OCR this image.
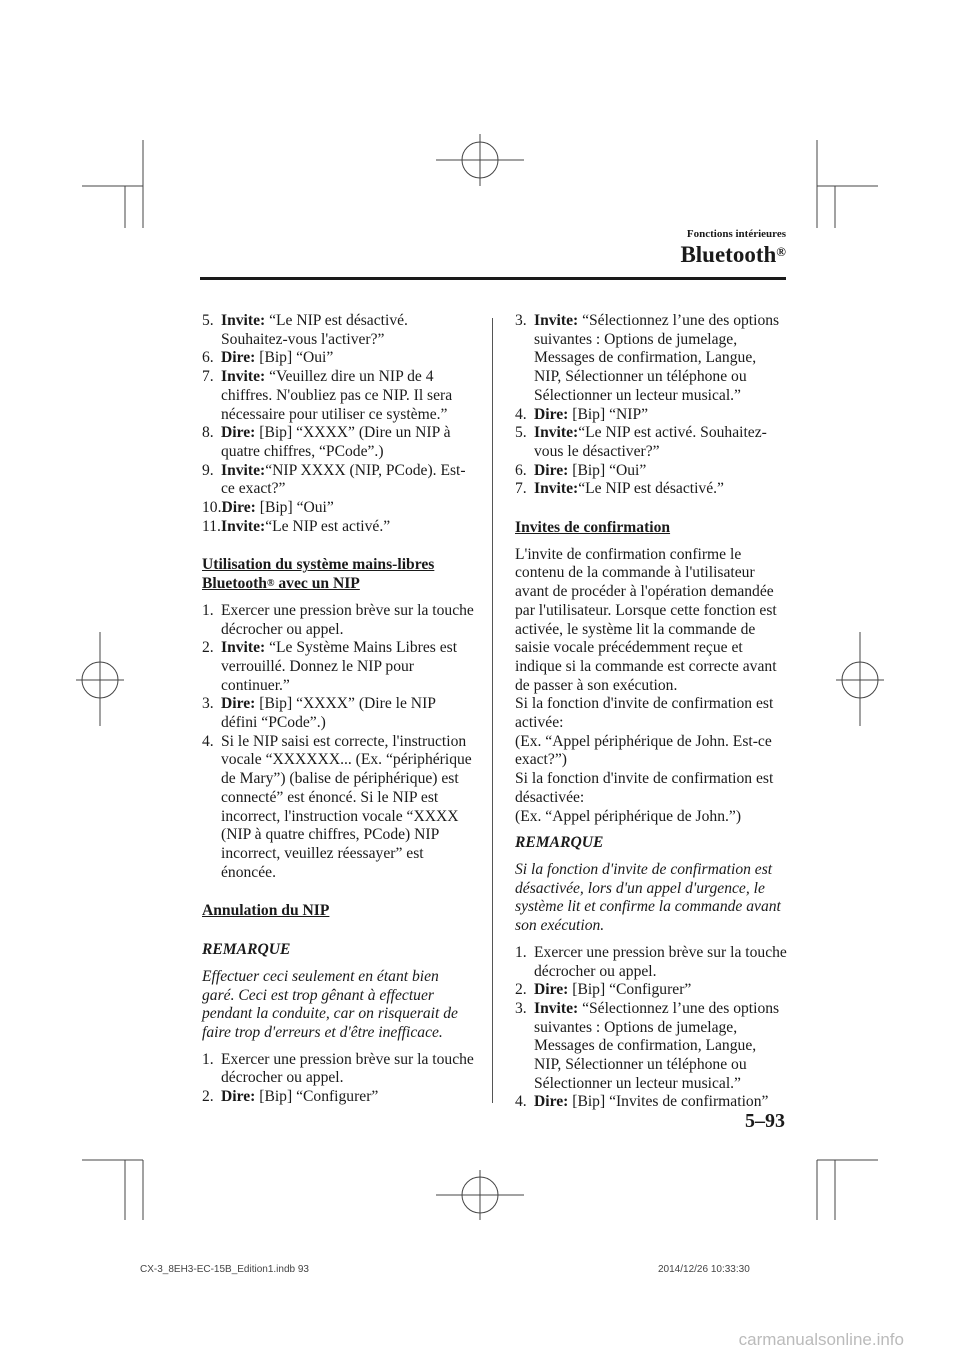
Fonctions intérieures
Bluetooth®
5. Invite: “Le NIP est désactivé. Souhaitez-vous l'activer?”
6. Dire: [Bip] “Oui”
7. Invite: “Veuillez dire un NIP de 4 chiffres. N'oubliez pas ce NIP. Il sera nécessaire pour utiliser ce système.”
8. Dire: [Bip] “XXXX” (Dire un NIP à quatre chiffres, “PCode”.)
9. Invite:“NIP XXXX (NIP, PCode). Est-ce exact?”
10. Dire: [Bip] “Oui”
11. Invite:“Le NIP est activé.”
Utilisation du système mains-libres
Bluetooth® avec un NIP
1. Exercer une pression brève sur la touche décrocher ou appel.
2. Invite: “Le Système Mains Libres est verrouillé. Donnez le NIP pour continuer.”
3. Dire: [Bip] “XXXX” (Dire le NIP défini “PCode”.)
4. Si le NIP saisi est correcte, l'instruction vocale “XXXXXX... (Ex. “périphérique de Mary”) (balise de périphérique) est connecté” est énoncé. Si le NIP est incorrect, l'instruction vocale “XXXX (NIP à quatre chiffres, PCode) NIP incorrect, veuillez réessayer” est énoncée.
Annulation du NIP
REMARQUE
Effectuer ceci seulement en étant bien garé. Ceci est trop gênant à effectuer pendant la conduite, car on risquerait de faire trop d'erreurs et d'être inefficace.
1. Exercer une pression brève sur la touche décrocher ou appel.
2. Dire: [Bip] “Configurer”
3. Invite: “Sélectionnez l’une des options suivantes : Options de jumelage, Messages de confirmation, Langue, NIP, Sélectionner un téléphone ou Sélectionner un lecteur musical.”
4. Dire: [Bip] “NIP”
5. Invite:“Le NIP est activé. Souhaitez-vous le désactiver?”
6. Dire: [Bip] “Oui”
7. Invite:“Le NIP est désactivé.”
Invites de confirmation

L'invite de confirmation confirme le contenu de la commande à l'utilisateur avant de procéder à l'opération demandée par l'utilisateur. Lorsque cette fonction est activée, le système lit la commande de saisie vocale précédemment reçue et indique si la commande est correcte avant de passer à son exécution.

Si la fonction d'invite de confirmation est activée:

(Ex. “Appel périphérique de John. Est-ce exact?”)

Si la fonction d'invite de confirmation est désactivée:

(Ex. “Appel périphérique de John.”)

REMARQUE
Si la fonction d'invite de confirmation est désactivée, lors d'un appel d'urgence, le système lit et confirme la commande avant son exécution.
1. Exercer une pression brève sur la touche décrocher ou appel.
2. Dire: [Bip] “Configurer”
3. Invite: “Sélectionnez l’une des options suivantes : Options de jumelage, Messages de confirmation, Langue, NIP, Sélectionner un téléphone ou Sélectionner un lecteur musical.”
4. Dire: [Bip] “Invites de confirmation”
5–93
CX-3_8EH3-EC-15B_Edition1.indb 93	2014/12/26 10:33:30
carmanualsonline.info
